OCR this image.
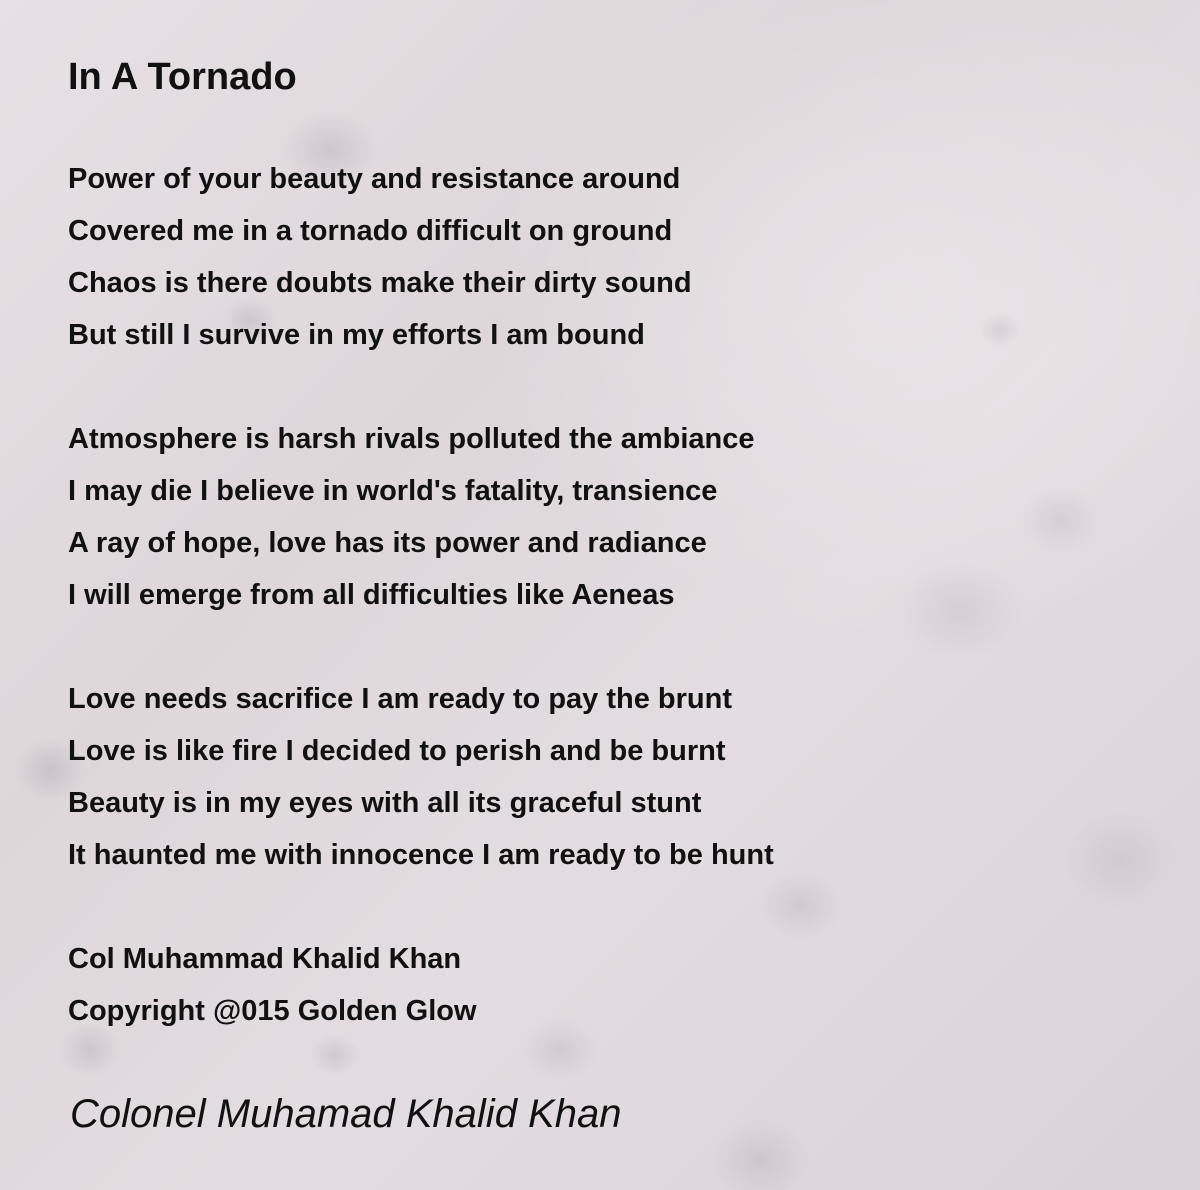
In A Tornado
Power of your beauty and resistance around
Covered me in a tornado difficult on ground
Chaos is there doubts make their dirty sound
But still I survive in my efforts I am bound
Atmosphere is harsh rivals polluted the ambiance
I may die I believe in world's fatality, transience
A ray of hope, love has its power and radiance
I will emerge from all difficulties like Aeneas
Love needs sacrifice I am ready to pay the brunt
Love is like fire I decided to perish and be burnt
Beauty is in my eyes with all its graceful stunt
It haunted me with innocence I am ready to be hunt
Col Muhammad Khalid Khan
Copyright @015 Golden Glow
Colonel Muhamad Khalid Khan
